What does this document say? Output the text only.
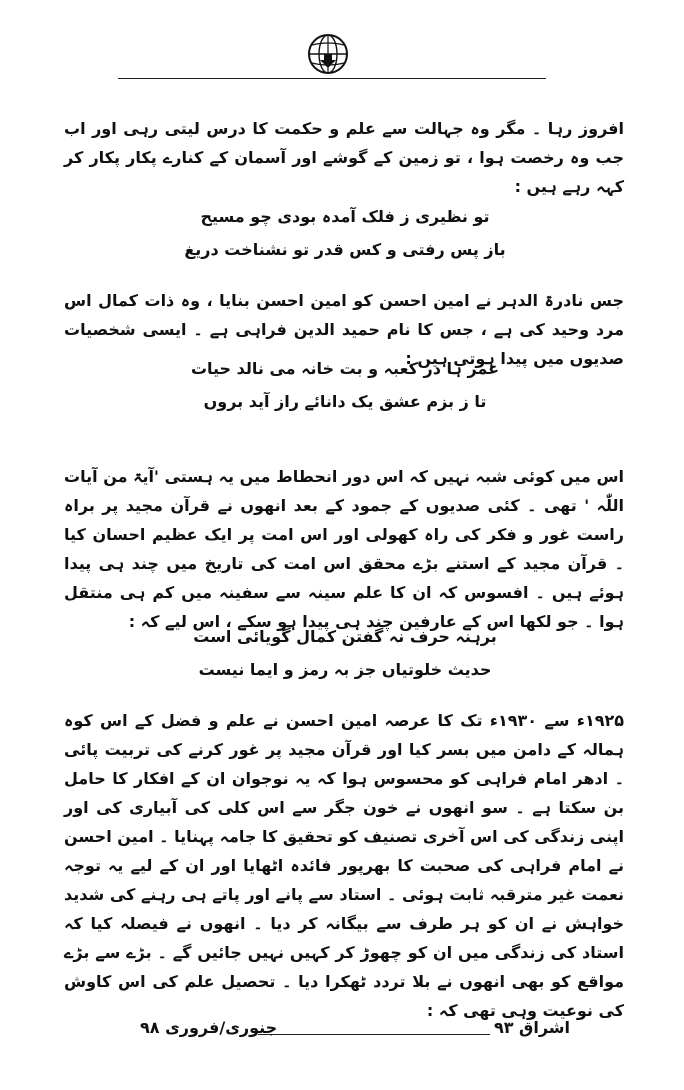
افروز رہا ۔ مگر وہ جہالت سے علم و حکمت کا درس لیتی رہی اور اب جب وہ رخصت ہوا ، تو زمین کے گوشے اور آسمان کے کنارے پکار پکار کر کہہ رہے ہیں :

تو نظیری ز فلک آمدہ بودی چو مسیح
باز پس رفتی و کس قدر تو نشناخت دریغ

جس نادرۃ الدہر نے امین احسن کو امین احسن بنایا ، وہ ذات کمال اس مرد وحید کی ہے ، جس کا نام حمید الدین فراہی ہے ۔ ایسی شخصیات صدیوں میں پیدا ہوتی ہیں :

عمر ہا در کعبہ و بت خانہ می نالد حیات
تا ز بزم عشق یک دانائے راز آید بروں

اس میں کوئی شبہ نہیں کہ اس دور انحطاط میں یہ ہستی 'آیۃ من آیات اللّٰہ ' تھی ۔ کئی صدیوں کے جمود کے بعد انھوں نے قرآن مجید پر براہ راست غور و فکر کی راہ کھولی اور اس امت پر ایک عظیم احسان کیا ۔ قرآن مجید کے استنے بڑے محقق اس امت کی تاریخ میں چند ہی پیدا ہوئے ہیں ۔ افسوس کہ ان کا علم سینہ سے سفینہ میں کم ہی منتقل ہوا ۔ جو لکھا اس کے عارفین چند ہی پیدا ہو سکے ، اس لیے کہ :

برہنہ حرف نہ گفتن کمال گویائی است
حدیث خلوتیاں جز بہ رمز و ایما نیست

۱۹۲۵ء سے ۱۹۳۰ء تک کا عرصہ امین احسن نے علم و فضل کے اس کوہ ہمالہ کے دامن میں بسر کیا اور قرآن مجید پر غور کرنے کی تربیت پائی ۔ ادھر امام فراہی کو محسوس ہوا کہ یہ نوجوان ان کے افکار کا حامل بن سکتا ہے ۔ سو انھوں نے خون جگر سے اس کلی کی آبیاری کی اور اپنی زندگی کی اس آخری تصنیف کو تحقیق کا جامہ پہنایا ۔ امین احسن نے امام فراہی کی صحبت کا بھرپور فائدہ اٹھایا اور ان کے لیے یہ توجہ نعمت غیر مترقبہ ثابت ہوئی ۔ استاد سے پانے اور پاتے ہی رہنے کی شدید خواہش نے ان کو ہر طرف سے بیگانہ کر دیا ۔ انھوں نے فیصلہ کیا کہ استاد کی زندگی میں ان کو چھوڑ کر کہیں نہیں جائیں گے ۔ بڑے سے بڑے مواقع کو بھی انھوں نے بلا تردد ٹھکرا دیا ۔ تحصیل علم کی اس کاوش کی نوعیت وہی تھی کہ :

اشراق ۹۳
جنوری/فروری ۹۸
